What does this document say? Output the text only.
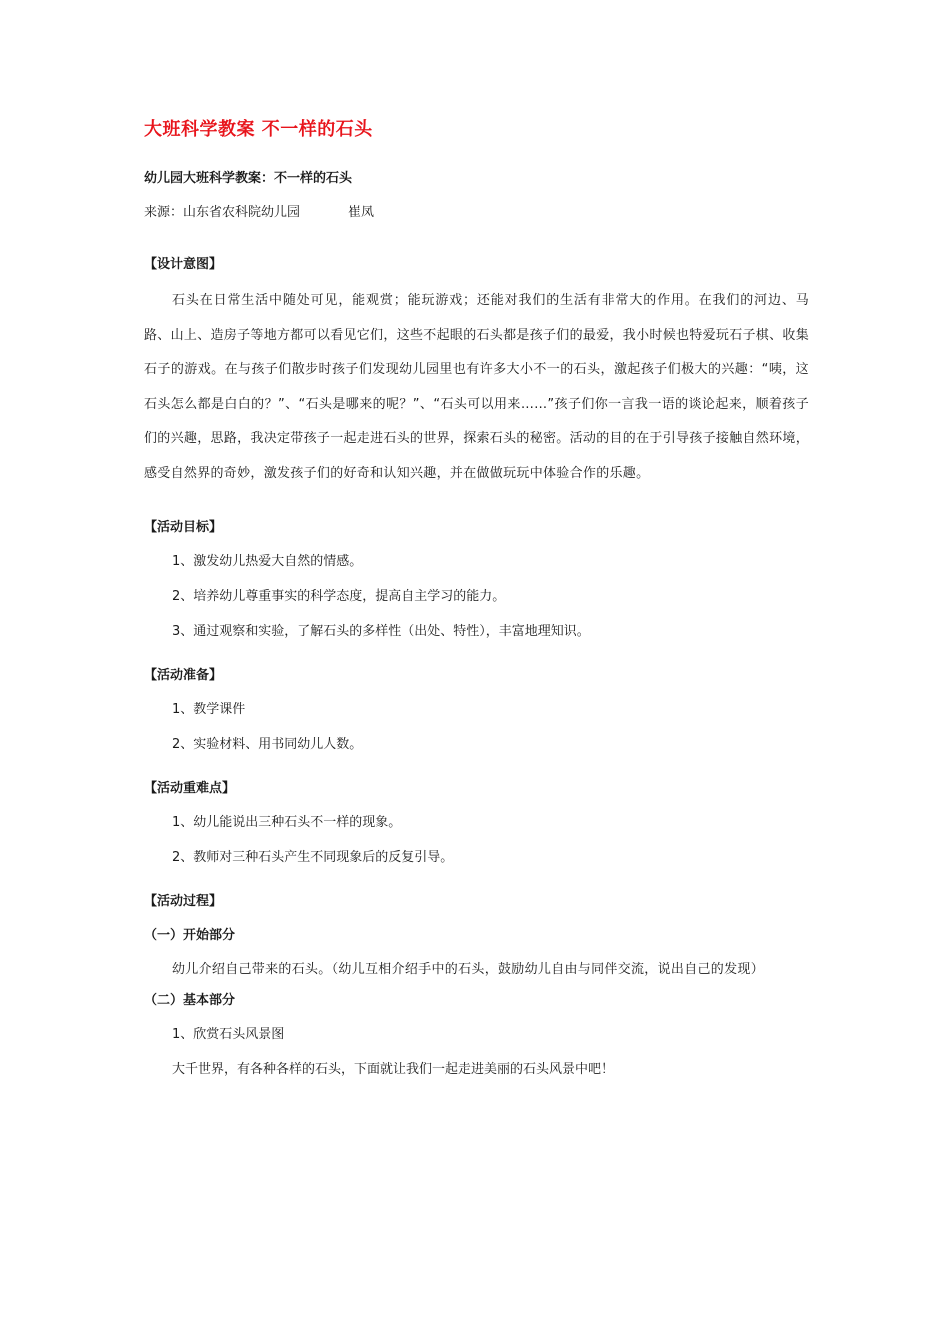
大班科学教案 不一样的石头
幼儿园大班科学教案：不一样的石头
来源：山东省农科院幼儿园	崔凤
【设计意图】

石头在日常生活中随处可见，能观赏；能玩游戏；还能对我们的生活有非常大的作用。在我们的河边、马路、山上、造房子等地方都可以看见它们，这些不起眼的石头都是孩子们的最爱，我小时候也特爱玩石子棋、收集石子的游戏。在与孩子们散步时孩子们发现幼儿园里也有许多大小不一的石头，激起孩子们极大的兴趣：“咦，这石头怎么都是白白的？”、“石头是哪来的呢？”、“石头可以用来……”孩子们你一言我一语的谈论起来，顺着孩子们的兴趣，思路，我决定带孩子一起走进石头的世界，探索石头的秘密。活动的目的在于引导孩子接触自然环境，感受自然界的奇妙，激发孩子们的好奇和认知兴趣，并在做做玩玩中体验合作的乐趣。

【活动目标】
1、激发幼儿热爱大自然的情感。
2、培养幼儿尊重事实的科学态度，提高自主学习的能力。
3、通过观察和实验，了解石头的多样性（出处、特性），丰富地理知识。
【活动准备】
1、教学课件
2、实验材料、用书同幼儿人数。
【活动重难点】
1、幼儿能说出三种石头不一样的现象。
2、教师对三种石头产生不同现象后的反复引导。
【活动过程】
（一）开始部分

幼儿介绍自己带来的石头。（幼儿互相介绍手中的石头，鼓励幼儿自由与同伴交流，说出自己的发现）

（二）基本部分
1、欣赏石头风景图
大千世界，有各种各样的石头，下面就让我们一起走进美丽的石头风景中吧！
